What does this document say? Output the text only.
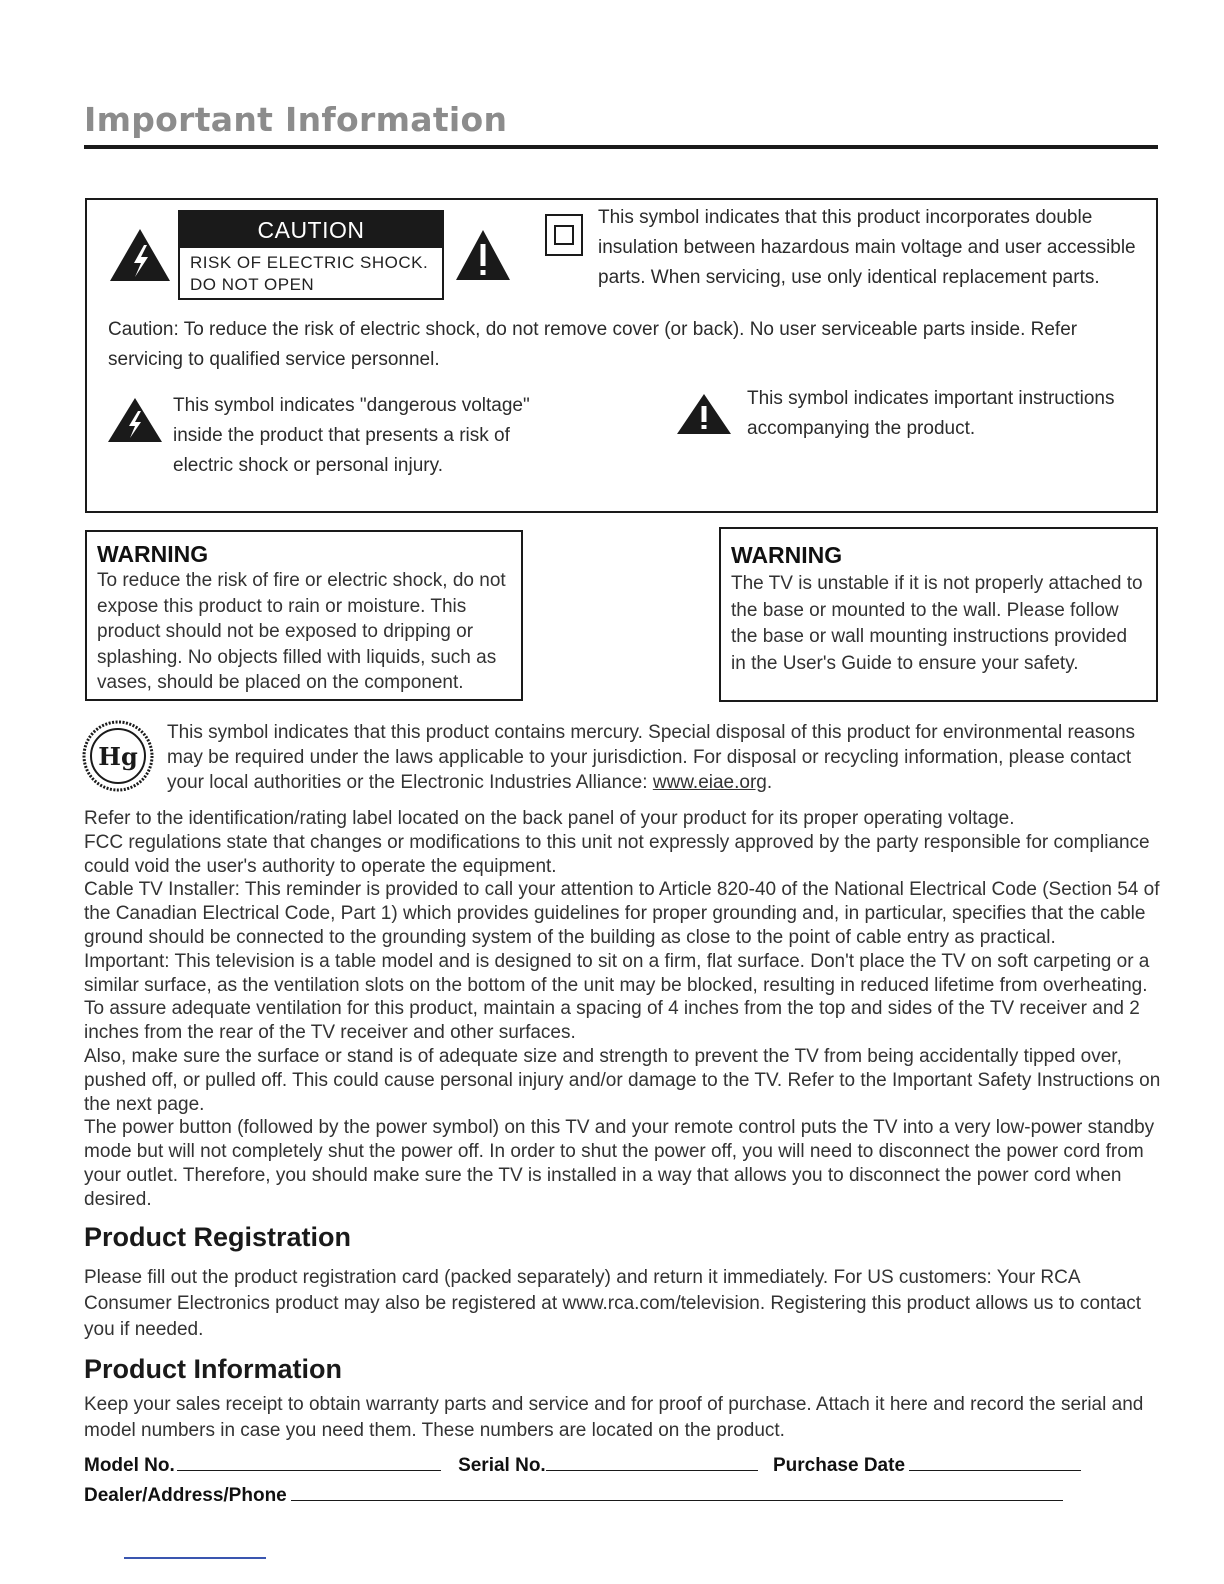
Important Information
CAUTION
RISK OF ELECTRIC SHOCK.
DO NOT OPEN
This symbol indicates that this product incorporates double insulation between hazardous main voltage and user accessible parts. When servicing, use only identical replacement parts.
Caution: To reduce the risk of electric shock, do not remove cover (or back). No user serviceable parts inside. Refer servicing to qualified service personnel.
This symbol indicates "dangerous voltage" inside the product that presents a risk of electric shock or personal injury.
This symbol indicates important instructions accompanying the product.
WARNING
To reduce the risk of fire or electric shock, do not expose this product to rain or moisture. This product should not be exposed to dripping or splashing. No objects filled with liquids, such as vases, should be placed on the component.
WARNING
The TV is unstable if it is not properly attached to the base or mounted to the wall. Please follow the base or wall mounting instructions provided in the User's Guide to ensure your safety.
Hg
This symbol indicates that this product contains mercury. Special disposal of this product for environmental reasons may be required under the laws applicable to your jurisdiction. For disposal or recycling information, please contact your local authorities or the Electronic Industries Alliance: www.eiae.org.
Refer to the identification/rating label located on the back panel of your product for its proper operating voltage.
FCC regulations state that changes or modifications to this unit not expressly approved by the party responsible for compliance could void the user's authority to operate the equipment.
Cable TV Installer: This reminder is provided to call your attention to Article 820-40 of the National Electrical Code (Section 54 of the Canadian Electrical Code, Part 1) which provides guidelines for proper grounding and, in particular, specifies that the cable ground should be connected to the grounding system of the building as close to the point of cable entry as practical.
Important: This television is a table model and is designed to sit on a firm, flat surface. Don't place the TV on soft carpeting or a similar surface, as the ventilation slots on the bottom of the unit may be blocked, resulting in reduced lifetime from overheating. To assure adequate ventilation for this product, maintain a spacing of 4 inches from the top and sides of the TV receiver and 2 inches from the rear of the TV receiver and other surfaces.
Also, make sure the surface or stand is of adequate size and strength to prevent the TV from being accidentally tipped over, pushed off, or pulled off. This could cause personal injury and/or damage to the TV. Refer to the Important Safety Instructions on the next page.
The power button (followed by the power symbol) on this TV and your remote control puts the TV into a very low-power standby mode but will not completely shut the power off. In order to shut the power off, you will need to disconnect the power cord from your outlet. Therefore, you should make sure the TV is installed in a way that allows you to disconnect the power cord when desired.
Product Registration
Please fill out the product registration card (packed separately) and return it immediately. For US customers: Your RCA Consumer Electronics product may also be registered at www.rca.com/television. Registering this product allows us to contact you if needed.
Product Information
Keep your sales receipt to obtain warranty parts and service and for proof of purchase. Attach it here and record the serial and model numbers in case you need them. These numbers are located on the product.
Model No.	Serial No.	Purchase Date
Dealer/Address/Phone
